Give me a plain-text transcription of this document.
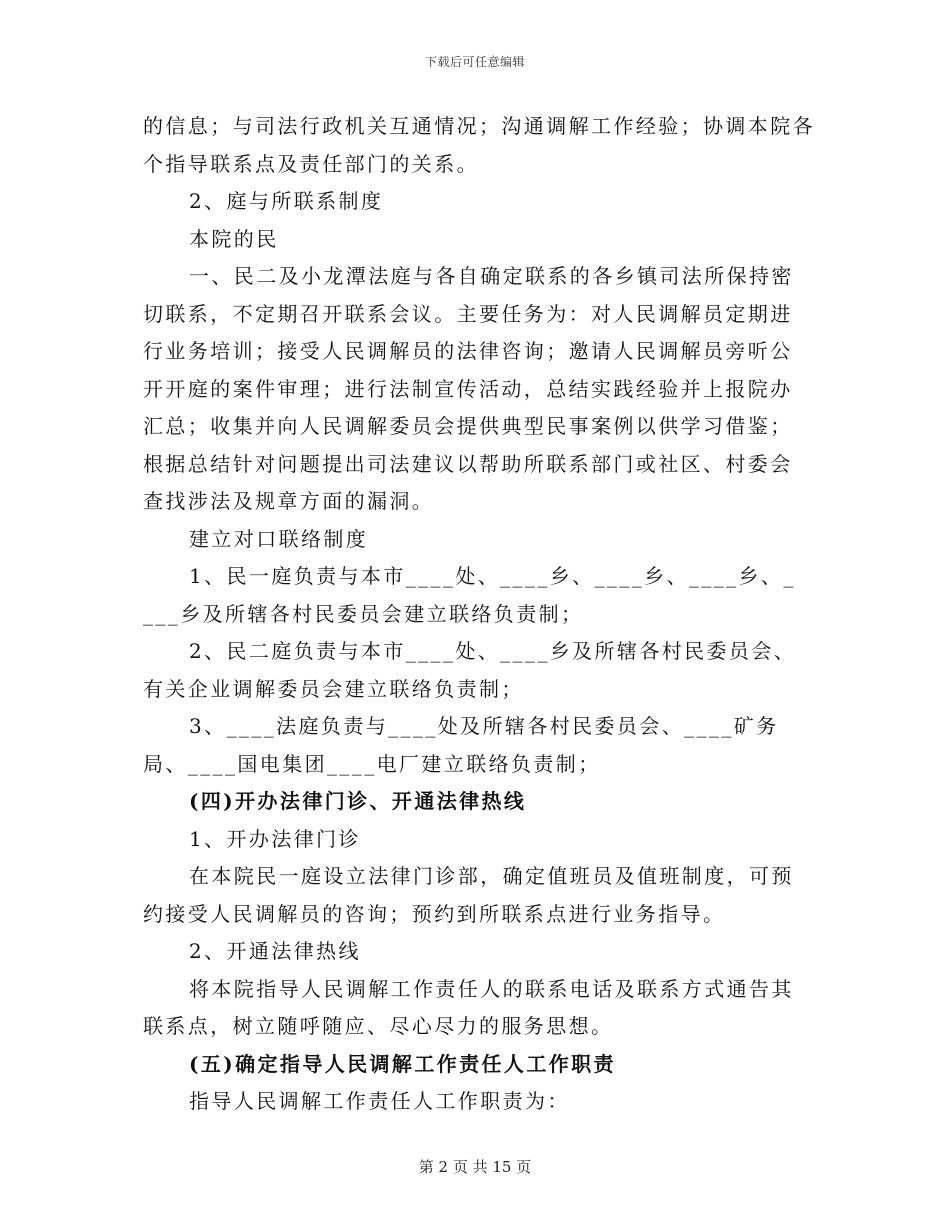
下载后可任意编辑

的信息；与司法行政机关互通情况；沟通调解工作经验；协调本院各

个指导联系点及责任部门的关系。

2、庭与所联系制度

本院的民

一、民二及小龙潭法庭与各自确定联系的各乡镇司法所保持密切联系，不定期召开联系会议。主要任务为：对人民调解员定期进行业务培训；接受人民调解员的法律咨询；邀请人民调解员旁听公开开庭的案件审理；进行法制宣传活动，总结实践经验并上报院办汇总；收集并向人民调解委员会提供典型民事案例以供学习借鉴；根据总结针对问题提出司法建议以帮助所联系部门或社区、村委会查找涉法及规章方面的漏洞。

建立对口联络制度

1、民一庭负责与本市____处、____乡、____乡、____乡、____乡及所辖各村民委员会建立联络负责制；

2、民二庭负责与本市____处、____乡及所辖各村民委员会、有关企业调解委员会建立联络负责制；

3、____法庭负责与____处及所辖各村民委员会、____矿务局、____国电集团____电厂建立联络负责制；

(四)开办法律门诊、开通法律热线

1、开办法律门诊

在本院民一庭设立法律门诊部，确定值班员及值班制度，可预约接受人民调解员的咨询；预约到所联系点进行业务指导。

2、开通法律热线

将本院指导人民调解工作责任人的联系电话及联系方式通告其联系点，树立随呼随应、尽心尽力的服务思想。

(五)确定指导人民调解工作责任人工作职责

指导人民调解工作责任人工作职责为：

第 2 页 共 15 页
